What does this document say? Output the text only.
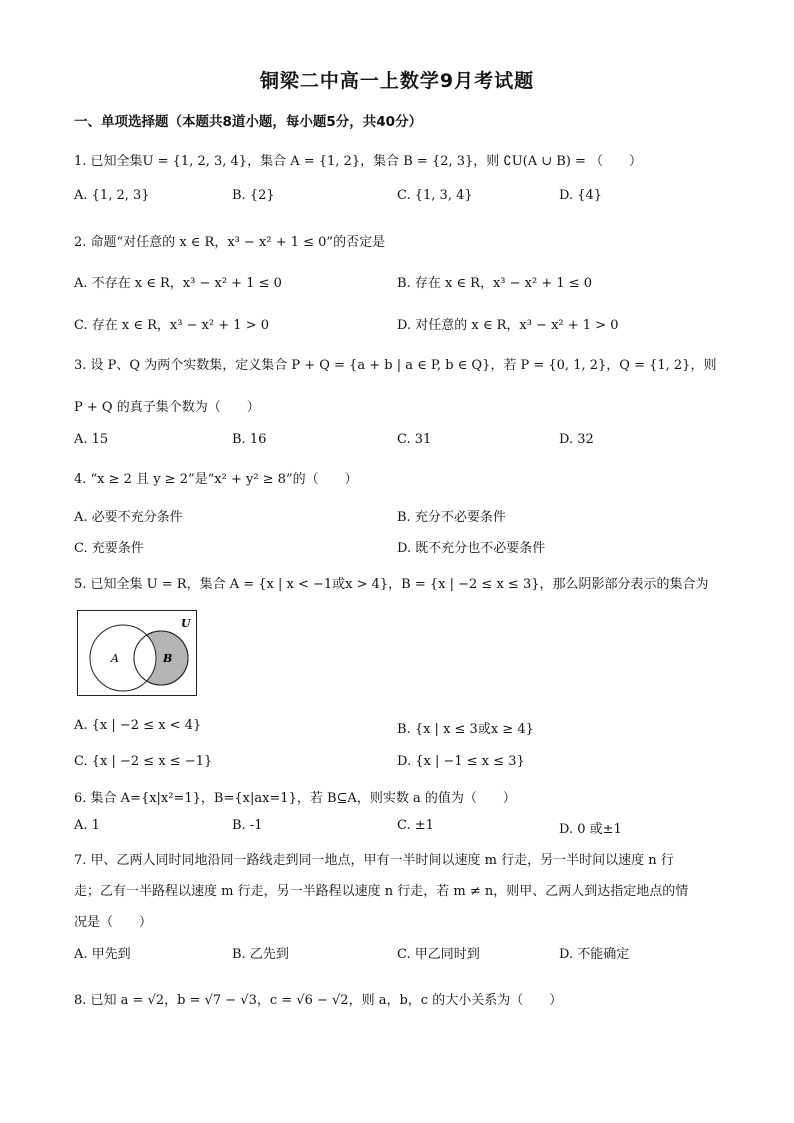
铜梁二中高一上数学9月考试题
一、单项选择题（本题共8道小题，每小题5分，共40分）
1. 已知全集U = {1, 2, 3, 4}，集合 A = {1, 2}，集合 B = {2, 3}，则 ∁U(A ∪ B) = （　　）
A. {1, 2, 3}	B. {2}	C. {1, 3, 4}	D. {4}
2. 命题“对任意的 x ∈ R，x³ − x² + 1 ≤ 0”的否定是
A. 不存在 x ∈ R，x³ − x² + 1 ≤ 0	B. 存在 x ∈ R，x³ − x² + 1 ≤ 0
C. 存在 x ∈ R，x³ − x² + 1 > 0	D. 对任意的 x ∈ R，x³ − x² + 1 > 0
3. 设 P、Q 为两个实数集，定义集合 P + Q = {a + b | a ∈ P, b ∈ Q}，若 P = {0, 1, 2}，Q = {1, 2}，则
P + Q 的真子集个数为（　　）
A. 15	B. 16	C. 31	D. 32
4. “x ≥ 2 且 y ≥ 2”是“x² + y² ≥ 8”的（　　）
A. 必要不充分条件	B. 充分不必要条件
C. 充要条件	D. 既不充分也不必要条件
5. 已知全集 U = R，集合 A = {x | x < −1或x > 4}，B = {x | −2 ≤ x ≤ 3}，那么阴影部分表示的集合为
U
A	B
A. {x | −2 ≤ x < 4}	B. {x | x ≤ 3或x ≥ 4}
C. {x | −2 ≤ x ≤ −1}	D. {x | −1 ≤ x ≤ 3}
6. 集合 A={x|x²=1}，B={x|ax=1}，若 B⊆A，则实数 a 的值为（　　）
A. 1	B. -1	C. ±1	D. 0 或±1
7. 甲、乙两人同时同地沿同一路线走到同一地点，甲有一半时间以速度 m 行走，另一半时间以速度 n 行
走；乙有一半路程以速度 m 行走，另一半路程以速度 n 行走，若 m ≠ n，则甲、乙两人到达指定地点的情
况是（　　）
A. 甲先到	B. 乙先到	C. 甲乙同时到	D. 不能确定
8. 已知 a = √2，b = √7 − √3，c = √6 − √2，则 a，b，c 的大小关系为（　　）
